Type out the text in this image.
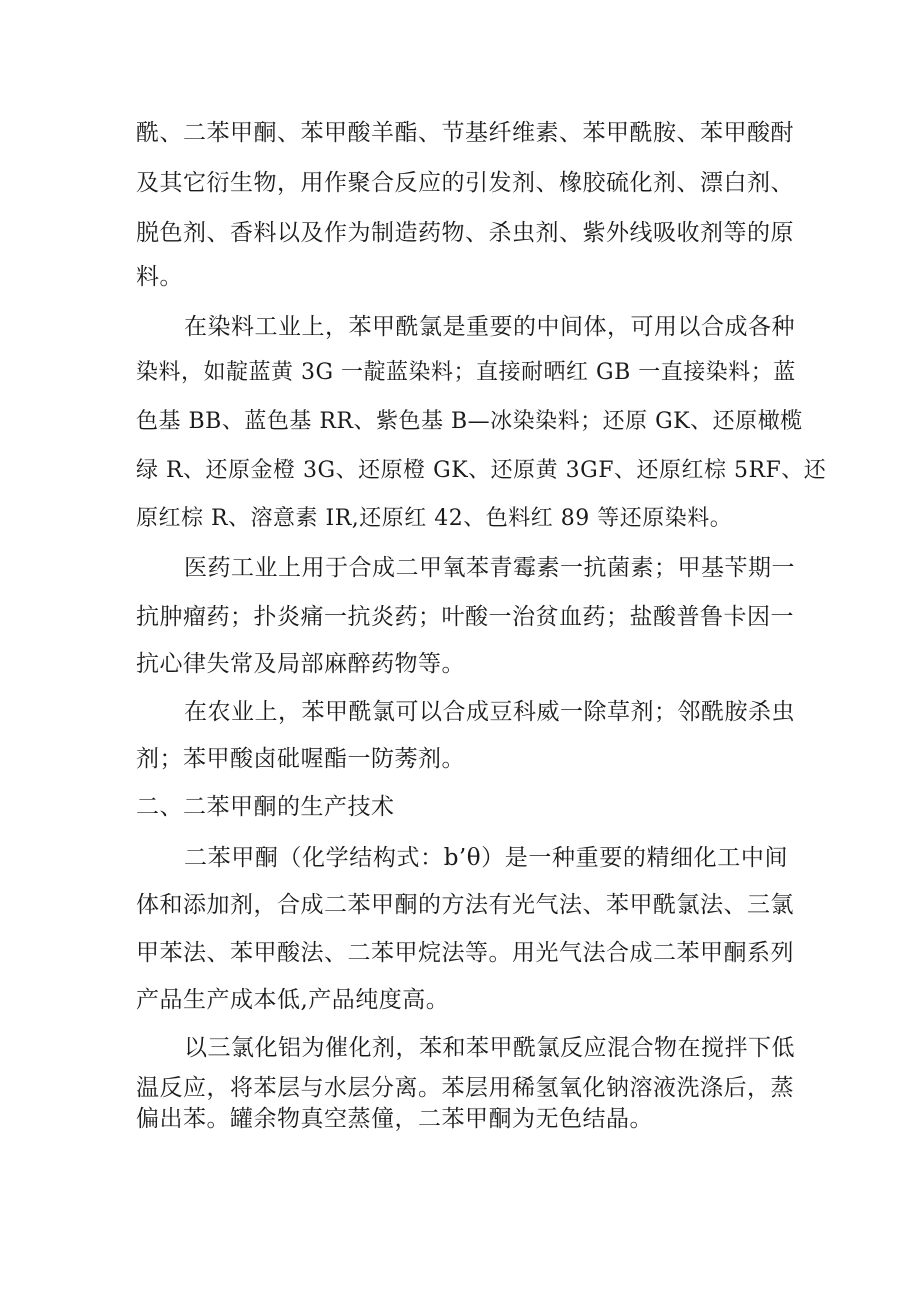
酰、二苯甲酮、苯甲酸羊酯、节基纤维素、苯甲酰胺、苯甲酸酎
及其它衍生物，用作聚合反应的引发剂、橡胶硫化剂、漂白剂、
脱色剂、香料以及作为制造药物、杀虫剂、紫外线吸收剂等的原
料。
在染料工业上，苯甲酰氯是重要的中间体，可用以合成各种
染料，如靛蓝黄 3G 一靛蓝染料；直接耐晒红 GB 一直接染料；蓝
色基 BB、蓝色基 RR、紫色基 B—冰染染料；还原 GK、还原橄榄
绿 R、还原金橙 3G、还原橙 GK、还原黄 3GF、还原红棕 5RF、还
原红棕 R、溶意素 IR,还原红 42、色料红 89 等还原染料。
医药工业上用于合成二甲氧苯青霉素一抗菌素；甲基苄期一
抗肿瘤药；扑炎痛一抗炎药；叶酸一治贫血药；盐酸普鲁卡因一
抗心律失常及局部麻醉药物等。
在农业上，苯甲酰氯可以合成豆科威一除草剂；邻酰胺杀虫
剂；苯甲酸卤砒喔酯一防莠剂。
二、二苯甲酮的生产技术
二苯甲酮（化学结构式：b’θ）是一种重要的精细化工中间
体和添加剂，合成二苯甲酮的方法有光气法、苯甲酰氯法、三氯
甲苯法、苯甲酸法、二苯甲烷法等。用光气法合成二苯甲酮系列
产品生产成本低,产品纯度高。
以三氯化铝为催化剂，苯和苯甲酰氯反应混合物在搅拌下低
温反应，将苯层与水层分离。苯层用稀氢氧化钠溶液洗涤后，蒸
偏出苯。罐余物真空蒸僮，二苯甲酮为无色结晶。
